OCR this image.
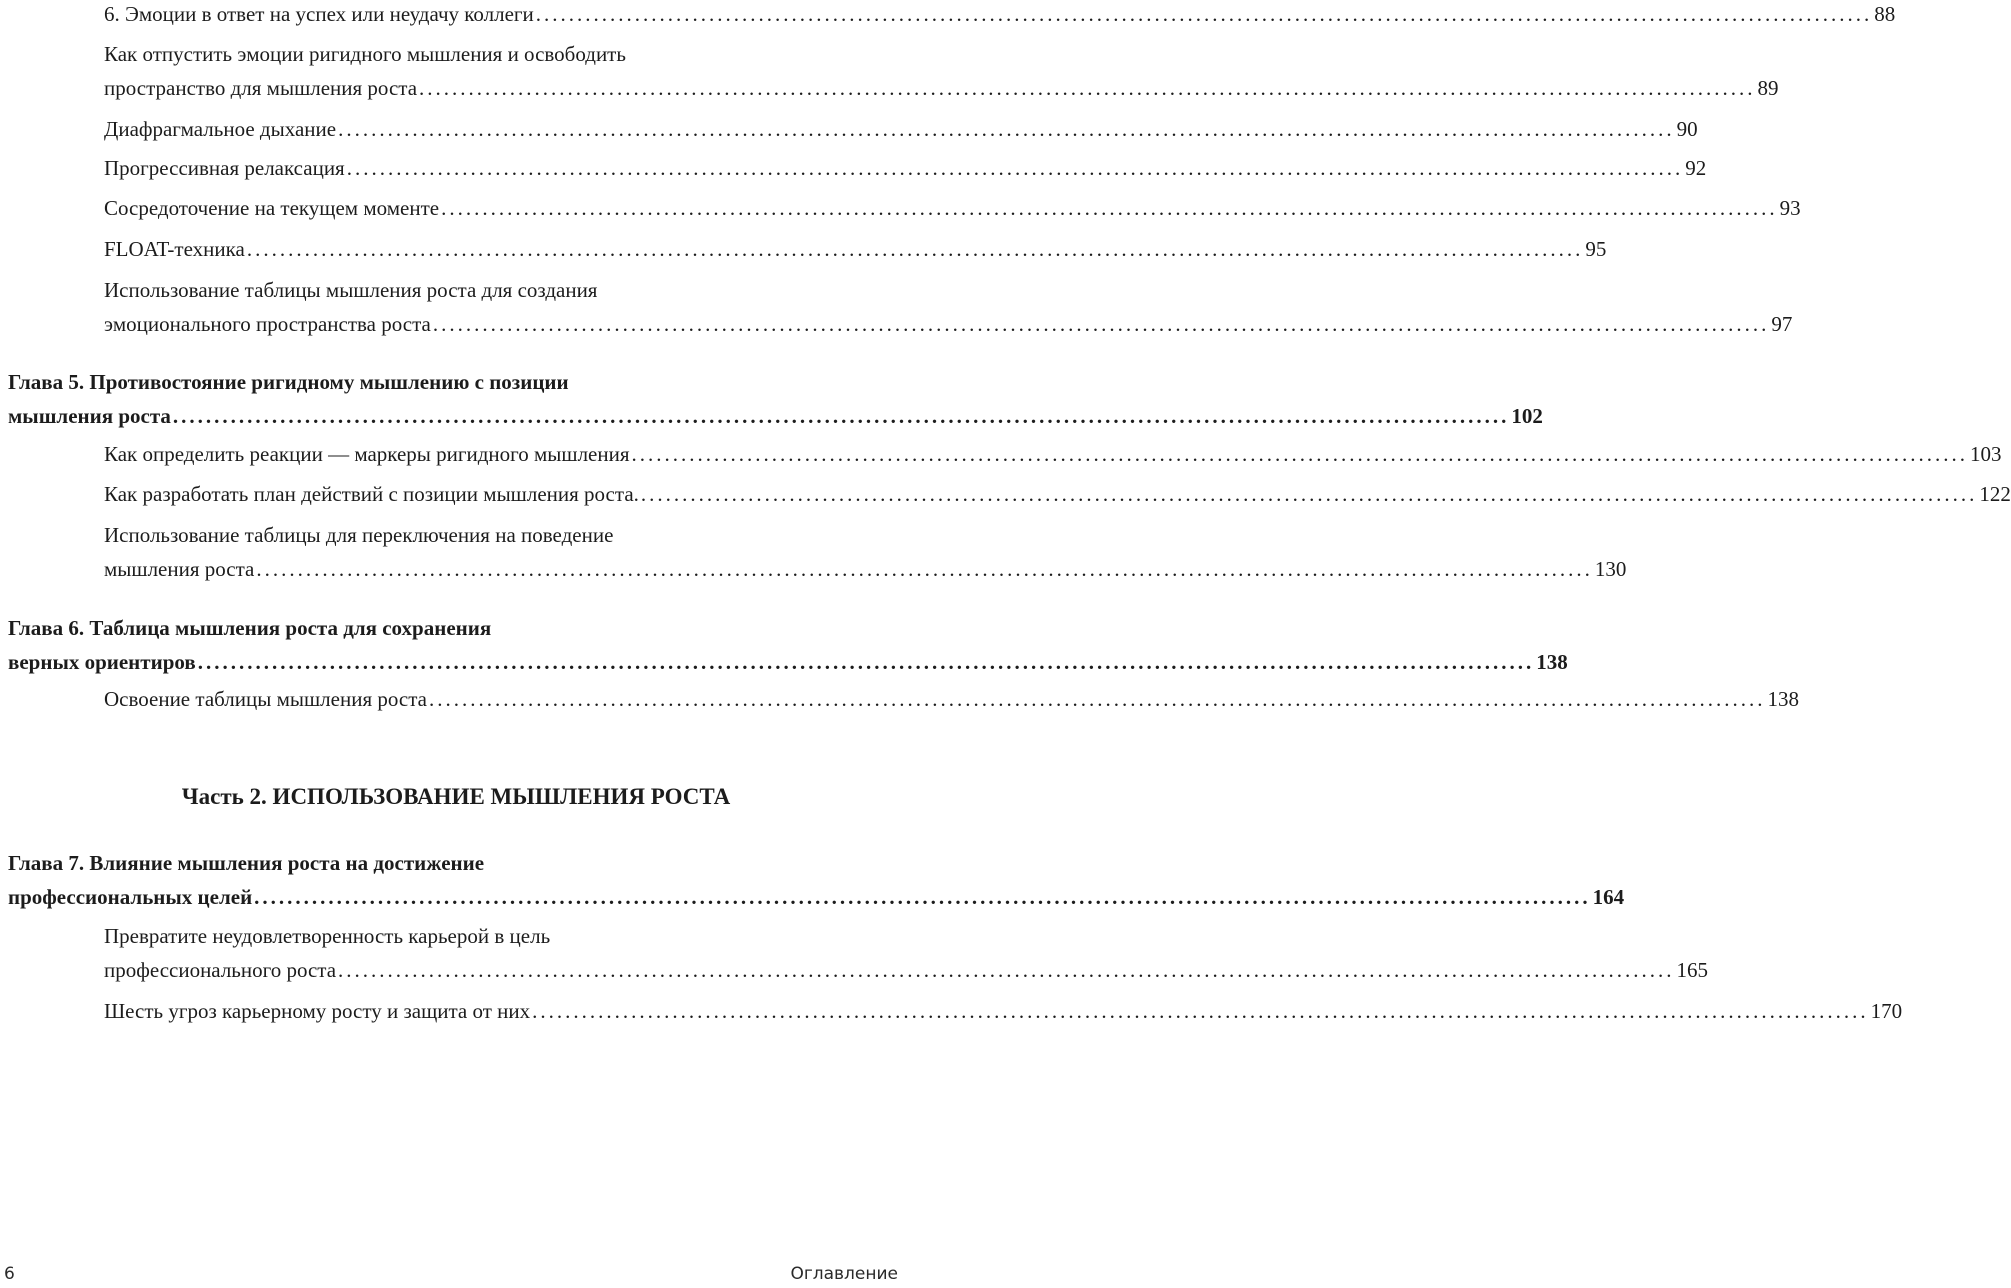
6. Эмоции в ответ на успех или неудачу коллеги .................................................................................................................................................................. 88
Как отпустить эмоции ригидного мышления и освободить
пространство для мышления роста .................................................................................................................................................................. 89
Диафрагмальное дыхание .................................................................................................................................................................. 90
Прогрессивная релаксация .................................................................................................................................................................. 92
Сосредоточение на текущем моменте .................................................................................................................................................................. 93
FLOAT-техника .................................................................................................................................................................. 95
Использование таблицы мышления роста для создания
эмоционального пространства роста .................................................................................................................................................................. 97
Глава 5. Противостояние ригидному мышлению с позиции
мышления роста .................................................................................................................................................................. 102
Как определить реакции — маркеры ригидного мышления .................................................................................................................................................................. 103
Как разработать план действий с позиции мышления роста. .................................................................................................................................................................. 122
Использование таблицы для переключения на поведение
мышления роста .................................................................................................................................................................. 130
Глава 6. Таблица мышления роста для сохранения
верных ориентиров .................................................................................................................................................................. 138
Освоение таблицы мышления роста .................................................................................................................................................................. 138
Часть 2. ИСПОЛЬЗОВАНИЕ МЫШЛЕНИЯ РОСТА
Глава 7. Влияние мышления роста на достижение
профессиональных целей .................................................................................................................................................................. 164
Превратите неудовлетворенность карьерой в цель
профессионального роста .................................................................................................................................................................. 165
Шесть угроз карьерному росту и защита от них .................................................................................................................................................................. 170
6	Оглавление
